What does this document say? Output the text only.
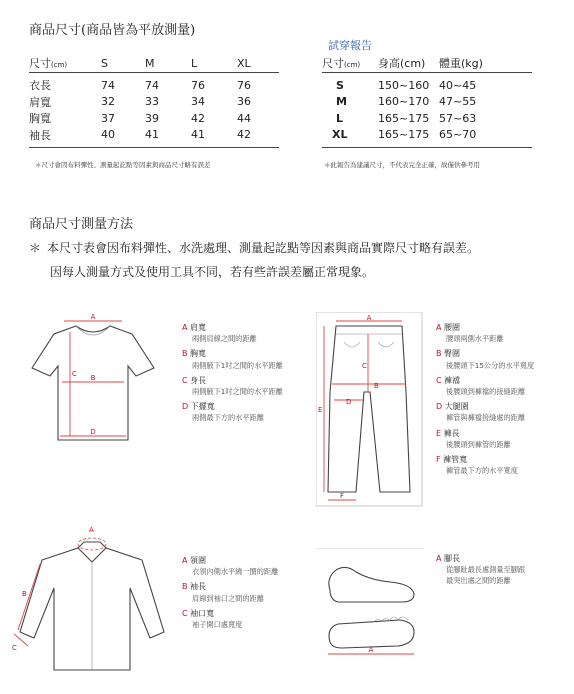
商品尺寸(商品皆為平放測量)
尺寸(cm)	S	M	L	XL
衣長	74	74	76	76
肩寬	32	33	34	36
胸寬	37	39	42	44
袖長	40	41	41	42
＊尺寸會因布料彈性、測量起訖點等因素與商品尺寸略有誤差
試穿報告
尺寸(cm)	身高(cm)	體重(kg)
S	150~160	40~45
M	160~170	47~55
L	165~175	57~63
XL	165~175	65~70
＊此報告為建議尺寸，不代表完全正確，故僅供參考用
商品尺寸測量方法
＊ 本尺寸表會因布料彈性、水洗處理、測量起訖點等因素與商品實際尺寸略有誤差。
因每人測量方式及使用工具不同，若有些許誤差屬正常現象。
A
B
C
D
A 肩寬
兩側肩線之間的距離
B 胸寬
兩側腋下1吋之間的水平距離
C 身長
兩側腋下1吋之間的水平距離
D 下擺寬
兩側最下方的水平距離
A
B
C
D
E
F
A 腰圍
腰頭兩側水平距離
B 臀圍
後腰頭下15公分的水平寬度
C 褲襠
後腰頭到褲襠的接縫距離
D 大腿圍
褲管與褲襠接縫處的距離
E 褲長
後腰頭到褲管的距離
F 褲管寬
褲管最下方的水平寬度
A
B
C
A 領圍
衣領內側水平繞一圈的距離
B 袖長
肩線到袖口之間的距離
C 袖口寬
袖子開口處寬度
A
A 腳長
從腳趾最長處測量至腳跟
最突出處之間的距離
